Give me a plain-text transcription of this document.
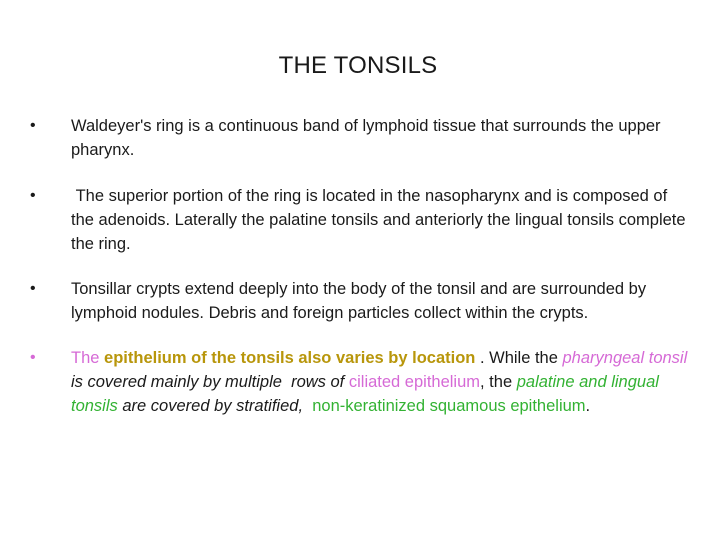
THE TONSILS
•	Waldeyer's ring is a continuous band of lymphoid tissue that surrounds the upper pharynx.
•	The superior portion of the ring is located in the nasopharynx and is composed of the adenoids. Laterally the palatine tonsils and anteriorly the lingual tonsils complete the ring.
•	Tonsillar crypts extend deeply into the body of the tonsil and are surrounded by lymphoid nodules. Debris and foreign particles collect within the crypts.
•	The epithelium of the tonsils also varies by location . While the pharyngeal tonsil is covered mainly by multiple  rows of ciliated epithelium, the palatine and lingual tonsils are covered by stratified,  non-keratinized squamous epithelium.
